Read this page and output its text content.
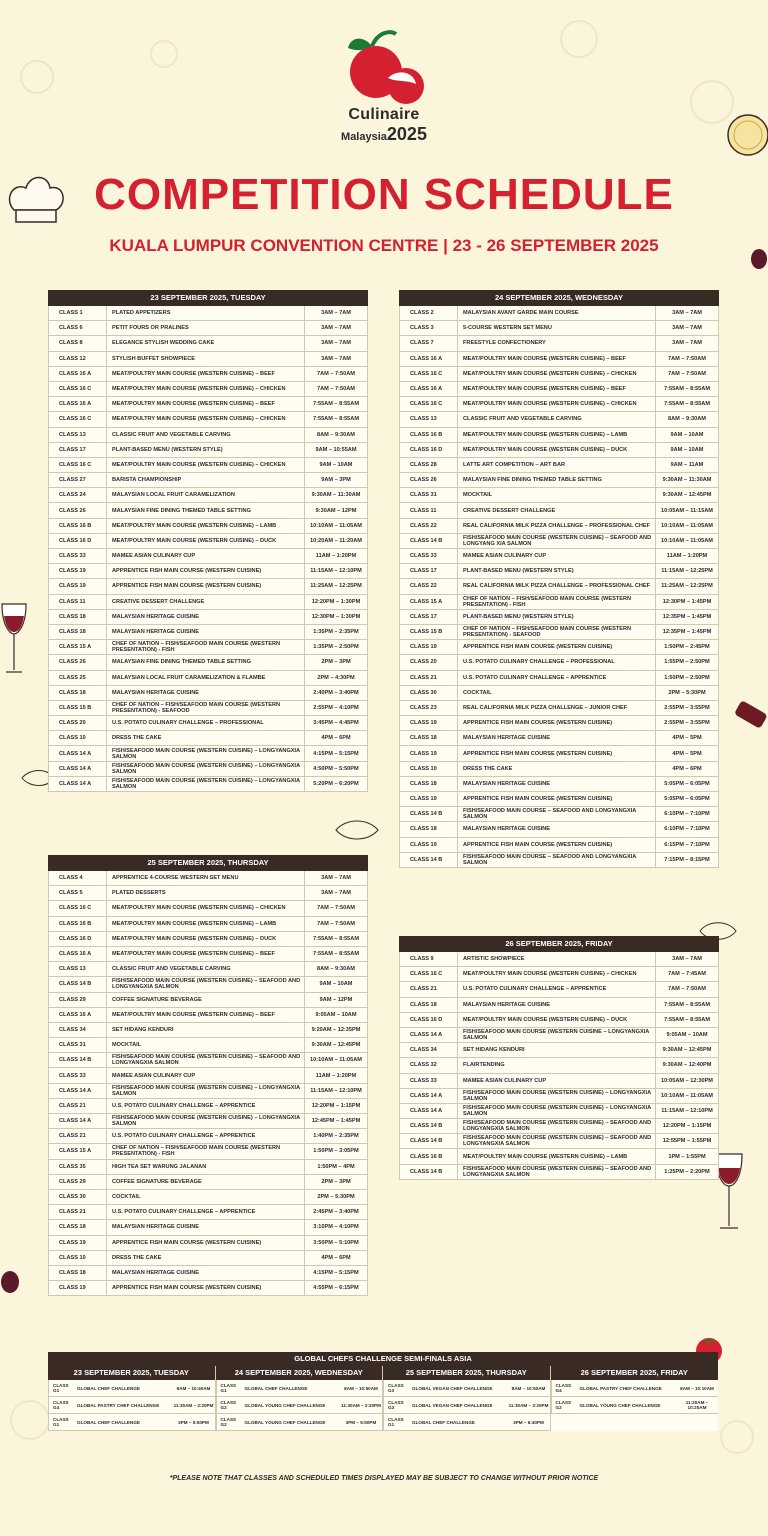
Culinaire
Malaysia2025
COMPETITION SCHEDULE
KUALA LUMPUR CONVENTION CENTRE | 23 - 26 SEPTEMBER 2025
23 SEPTEMBER 2025, TUESDAY
CLASS 1	PLATED APPETIZERS	3AM – 7AM
CLASS 6	PETIT FOURS OR PRALINES	3AM – 7AM
CLASS 8	ELEGANCE STYLISH WEDDING CAKE	3AM – 7AM
CLASS 12	STYLISH BUFFET SHOWPIECE	3AM – 7AM
CLASS 16 A	MEAT/POULTRY MAIN COURSE (WESTERN CUISINE) – BEEF	7AM – 7:50AM
CLASS 16 C	MEAT/POULTRY MAIN COURSE (WESTERN CUISINE) – CHICKEN	7AM – 7:50AM
CLASS 16 A	MEAT/POULTRY MAIN COURSE (WESTERN CUISINE) – BEEF	7:55AM – 8:55AM
CLASS 16 C	MEAT/POULTRY MAIN COURSE (WESTERN CUISINE) – CHICKEN	7:55AM – 8:55AM
CLASS 13	CLASSIC FRUIT AND VEGETABLE CARVING	8AM – 9:30AM
CLASS 17	PLANT-BASED MENU (WESTERN STYLE)	9AM – 10:55AM
CLASS 16 C	MEAT/POULTRY MAIN COURSE (WESTERN CUISINE) – CHICKEN	9AM – 10AM
CLASS 27	BARISTA CHAMPIONSHIP	9AM – 3PM
CLASS 24	MALAYSIAN LOCAL FRUIT CARAMELIZATION	9:30AM – 11:30AM
CLASS 26	MALAYSIAN FINE DINING THEMED TABLE SETTING	9:30AM – 12PM
CLASS 16 B	MEAT/POULTRY MAIN COURSE (WESTERN CUISINE) – LAMB	10:10AM – 11:05AM
CLASS 16 D	MEAT/POULTRY MAIN COURSE (WESTERN CUISINE) – DUCK	10:20AM – 11:20AM
CLASS 33	MAMEE ASIAN CULINARY CUP	11AM – 1:20PM
CLASS 19	APPRENTICE FISH MAIN COURSE (WESTERN CUISINE)	11:15AM – 12:10PM
CLASS 19	APPRENTICE FISH MAIN COURSE (WESTERN CUISINE)	11:25AM – 12:25PM
CLASS 11	CREATIVE DESSERT CHALLENGE	12:20PM – 1:30PM
CLASS 18	MALAYSIAN HERITAGE CUISINE	12:30PM – 1:30PM
CLASS 18	MALAYSIAN HERITAGE CUISINE	1:35PM – 2:35PM
CLASS 15 A	CHEF OF NATION – FISH/SEAFOOD MAIN COURSE (WESTERN PRESENTATION) - FISH	1:35PM – 2:50PM
CLASS 26	MALAYSIAN FINE DINING THEMED TABLE SETTING	2PM – 3PM
CLASS 25	MALAYSIAN LOCAL FRUIT CARAMELIZATION & FLAMBE	2PM – 4:30PM
CLASS 18	MALAYSIAN HERITAGE CUISINE	2:40PM – 3:40PM
CLASS 15 B	CHEF OF NATION – FISH/SEAFOOD MAIN COURSE (WESTERN PRESENTATION) - SEAFOOD	2:55PM – 4:10PM
CLASS 20	U.S. POTATO CULINARY CHALLENGE – PROFESSIONAL	3:45PM – 4:45PM
CLASS 10	DRESS THE CAKE	4PM – 6PM
CLASS 14 A	FISH/SEAFOOD MAIN COURSE (WESTERN CUISINE) – LONGYANGXIA SALMON	4:15PM – 5:15PM
CLASS 14 A	FISH/SEAFOOD MAIN COURSE (WESTERN CUISINE) – LONGYANGXIA SALMON	4:50PM – 5:50PM
CLASS 14 A	FISH/SEAFOOD MAIN COURSE (WESTERN CUISINE) – LONGYANGXIA SALMON	5:20PM – 6:20PM
24 SEPTEMBER 2025, WEDNESDAY
CLASS 2	MALAYSIAN AVANT GARDE MAIN COURSE	3AM – 7AM
CLASS 3	5-COURSE WESTERN SET MENU	3AM – 7AM
CLASS 7	FREESTYLE CONFECTIONERY	3AM – 7AM
CLASS 16 A	MEAT/POULTRY MAIN COURSE (WESTERN CUISINE) – BEEF	7AM – 7:50AM
CLASS 16 C	MEAT/POULTRY MAIN COURSE (WESTERN CUISINE) – CHICKEN	7AM – 7:50AM
CLASS 16 A	MEAT/POULTRY MAIN COURSE (WESTERN CUISINE) – BEEF	7:55AM – 8:55AM
CLASS 16 C	MEAT/POULTRY MAIN COURSE (WESTERN CUISINE) – CHICKEN	7:55AM – 8:55AM
CLASS 13	CLASSIC FRUIT AND VEGETABLE CARVING	8AM – 9:30AM
CLASS 16 B	MEAT/POULTRY MAIN COURSE (WESTERN CUISINE) – LAMB	9AM – 10AM
CLASS 16 D	MEAT/POULTRY MAIN COURSE (WESTERN CUISINE) – DUCK	9AM – 10AM
CLASS 28	LATTE ART COMPETITION – ART BAR	9AM – 11AM
CLASS 26	MALAYSIAN FINE DINING THEMED TABLE SETTING	9:30AM – 11:30AM
CLASS 31	MOCKTAIL	9:30AM – 12:45PM
CLASS 11	CREATIVE DESSERT CHALLENGE	10:05AM – 11:15AM
CLASS 22	REAL CALIFORNIA MILK PIZZA CHALLENGE – PROFESSIONAL CHEF	10:10AM – 11:05AM
CLASS 14 B	FISH/SEAFOOD MAIN COURSE (WESTERN CUISINE) – SEAFOOD AND LONGYANG XIA SALMON	10:10AM – 11:05AM
CLASS 33	MAMEE ASIAN CULINARY CUP	11AM – 1:20PM
CLASS 17	PLANT-BASED MENU (WESTERN STYLE)	11:15AM – 12:25PM
CLASS 22	REAL CALIFORNIA MILK PIZZA CHALLENGE – PROFESSIONAL CHEF	11:25AM – 12:25PM
CLASS 15 A	CHEF OF NATION – FISH/SEAFOOD MAIN COURSE (WESTERN PRESENTATION) - FISH	12:30PM – 1:45PM
CLASS 17	PLANT-BASED MENU (WESTERN STYLE)	12:35PM – 1:45PM
CLASS 15 B	CHEF OF NATION – FISH/SEAFOOD MAIN COURSE (WESTERN PRESENTATION) - SEAFOOD	12:35PM – 1:45PM
CLASS 19	APPRENTICE FISH MAIN COURSE (WESTERN CUISINE)	1:50PM – 2:45PM
CLASS 20	U.S. POTATO CULINARY CHALLENGE – PROFESSIONAL	1:55PM – 2:50PM
CLASS 21	U.S. POTATO CULINARY CHALLENGE – APPRENTICE	1:50PM – 2:50PM
CLASS 30	COCKTAIL	2PM – 5:30PM
CLASS 23	REAL CALIFORNIA MILK PIZZA CHALLENGE – JUNIOR CHEF	2:55PM – 3:55PM
CLASS 19	APPRENTICE FISH MAIN COURSE (WESTERN CUISINE)	2:55PM – 3:55PM
CLASS 18	MALAYSIAN HERITAGE CUISINE	4PM – 5PM
CLASS 19	APPRENTICE FISH MAIN COURSE (WESTERN CUISINE)	4PM – 5PM
CLASS 10	DRESS THE CAKE	4PM – 6PM
CLASS 18	MALAYSIAN HERITAGE CUISINE	5:05PM – 6:05PM
CLASS 19	APPRENTICE FISH MAIN COURSE (WESTERN CUISINE)	5:05PM – 6:05PM
CLASS 14 B	FISH/SEAFOOD MAIN COURSE – SEAFOOD AND LONGYANGXIA SALMON	6:10PM – 7:10PM
CLASS 18	MALAYSIAN HERITAGE CUISINE	6:10PM – 7:10PM
CLASS 19	APPRENTICE FISH MAIN COURSE (WESTERN CUISINE)	6:15PM – 7:10PM
CLASS 14 B	FISH/SEAFOOD MAIN COURSE – SEAFOOD AND LONGYANGXIA SALMON	7:15PM – 8:15PM
25 SEPTEMBER 2025, THURSDAY
CLASS 4	APPRENTICE 4-COURSE WESTERN SET MENU	3AM – 7AM
CLASS 5	PLATED DESSERTS	3AM – 7AM
CLASS 16 C	MEAT/POULTRY MAIN COURSE (WESTERN CUISINE) – CHICKEN	7AM – 7:50AM
CLASS 16 B	MEAT/POULTRY MAIN COURSE (WESTERN CUISINE) – LAMB	7AM – 7:50AM
CLASS 16 D	MEAT/POULTRY MAIN COURSE (WESTERN CUISINE) – DUCK	7:55AM – 8:55AM
CLASS 16 A	MEAT/POULTRY MAIN COURSE (WESTERN CUISINE) – BEEF	7:55AM – 8:55AM
CLASS 13	CLASSIC FRUIT AND VEGETABLE CARVING	8AM – 9:30AM
CLASS 14 B	FISH/SEAFOOD MAIN COURSE (WESTERN CUISINE) – SEAFOOD AND LONGYANGXIA SALMON	9AM – 10AM
CLASS 29	COFFEE SIGNATURE BEVERAGE	9AM – 12PM
CLASS 16 A	MEAT/POULTRY MAIN COURSE (WESTERN CUISINE) – BEEF	9:05AM – 10AM
CLASS 34	SET HIDANG KENDURI	9:20AM – 12:35PM
CLASS 31	MOCKTAIL	9:30AM – 12:45PM
CLASS 14 B	FISH/SEAFOOD MAIN COURSE (WESTERN CUISINE) – SEAFOOD AND LONGYANGXIA SALMON	10:10AM – 11:05AM
CLASS 33	MAMEE ASIAN CULINARY CUP	11AM – 1:20PM
CLASS 14 A	FISH/SEAFOOD MAIN COURSE (WESTERN CUISINE) – LONGYANGXIA SALMON	11:15AM – 12:10PM
CLASS 21	U.S. POTATO CULINARY CHALLENGE – APPRENTICE	12:20PM – 1:15PM
CLASS 14 A	FISH/SEAFOOD MAIN COURSE (WESTERN CUISINE) – LONGYANGXIA SALMON	12:45PM – 1:45PM
CLASS 21	U.S. POTATO CULINARY CHALLENGE – APPRENTICE	1:40PM – 2:35PM
CLASS 15 A	CHEF OF NATION – FISH/SEAFOOD MAIN COURSE (WESTERN PRESENTATION) - FISH	1:50PM – 3:05PM
CLASS 35	HIGH TEA SET WARUNG JALANAN	1:50PM – 4PM
CLASS 29	COFFEE SIGNATURE BEVERAGE	2PM – 3PM
CLASS 30	COCKTAIL	2PM – 5:30PM
CLASS 21	U.S. POTATO CULINARY CHALLENGE – APPRENTICE	2:45PM – 3:40PM
CLASS 18	MALAYSIAN HERITAGE CUISINE	3:10PM – 4:10PM
CLASS 19	APPRENTICE FISH MAIN COURSE (WESTERN CUISINE)	3:50PM – 5:10PM
CLASS 10	DRESS THE CAKE	4PM – 6PM
CLASS 18	MALAYSIAN HERITAGE CUISINE	4:15PM – 5:15PM
CLASS 19	APPRENTICE FISH MAIN COURSE (WESTERN CUISINE)	4:55PM – 6:15PM
26 SEPTEMBER 2025, FRIDAY
CLASS 9	ARTISTIC SHOWPIECE	3AM – 7AM
CLASS 16 C	MEAT/POULTRY MAIN COURSE (WESTERN CUISINE) – CHICKEN	7AM – 7:45AM
CLASS 21	U.S. POTATO CULINARY CHALLENGE – APPRENTICE	7AM – 7:50AM
CLASS 18	MALAYSIAN HERITAGE CUISINE	7:55AM – 8:55AM
CLASS 16 D	MEAT/POULTRY MAIN COURSE (WESTERN CUISINE) – DUCK	7:55AM – 8:55AM
CLASS 14 A	FISH/SEAFOOD MAIN COURSE (WESTERN CUISINE – LONGYANGXIA SALMON	9:05AM – 10AM
CLASS 34	SET HIDANG KENDURI	9:30AM – 12:45PM
CLASS 32	FLAIRTENDING	9:30AM – 12:40PM
CLASS 33	MAMEE ASIAN CULINARY CUP	10:05AM – 12:30PM
CLASS 14 A	FISH/SEAFOOD MAIN COURSE (WESTERN CUISINE) – LONGYANGXIA SALMON	10:10AM – 11:05AM
CLASS 14 A	FISH/SEAFOOD MAIN COURSE (WESTERN CUISINE) – LONGYANGXIA SALMON	11:15AM – 12:10PM
CLASS 14 B	FISH/SEAFOOD MAIN COURSE (WESTERN CUISINE) – SEAFOOD AND LONGYANGXIA SALMON	12:20PM – 1:15PM
CLASS 14 B	FISH/SEAFOOD MAIN COURSE (WESTERN CUISINE) – SEAFOOD AND LONGYANGXIA SALMON	12:55PM – 1:55PM
CLASS 16 B	MEAT/POULTRY MAIN COURSE (WESTERN CUISINE) – LAMB	1PM – 1:55PM
CLASS 14 B	FISH/SEAFOOD MAIN COURSE (WESTERN CUISINE) – SEAFOOD AND LONGYANGXIA SALMON	1:25PM – 2:20PM
GLOBAL CHEFS CHALLENGE SEMI-FINALS ASIA
23 SEPTEMBER 2025, TUESDAY
CLASS G1	GLOBAL CHEF CHALLENGE	8AM – 10:40AM
CLASS G4	GLOBAL PASTRY CHEF CHALLENGE	11:30AM – 2:20PM
CLASS G1	GLOBAL CHEF CHALLENGE	3PM – 5:50PM
24 SEPTEMBER 2025, WEDNESDAY
CLASS G1	GLOBAL CHEF CHALLENGE	8AM – 10:50AM
CLASS G2	GLOBAL YOUNG CHEF CHALLENGE	11:30AM – 2:20PM
CLASS G2	GLOBAL YOUNG CHEF CHALLENGE	3PM – 5:50PM
25 SEPTEMBER 2025, THURSDAY
CLASS G3	GLOBAL VEGAN CHEF CHALLENGE	8AM – 10:50AM
CLASS G3	GLOBAL VEGAN CHEF CHALLENGE	11:30AM – 2:20PM
CLASS G1	GLOBAL CHEF CHALLENGE	3PM – 6:40PM
26 SEPTEMBER 2025, FRIDAY
CLASS G4	GLOBAL PASTRY CHEF CHALLENGE	8AM – 10:10AM
CLASS G2	GLOBAL YOUNG CHEF CHALLENGE	11:20AM – 10:20AM
*PLEASE NOTE THAT CLASSES AND SCHEDULED TIMES DISPLAYED MAY BE SUBJECT TO CHANGE WITHOUT PRIOR NOTICE
